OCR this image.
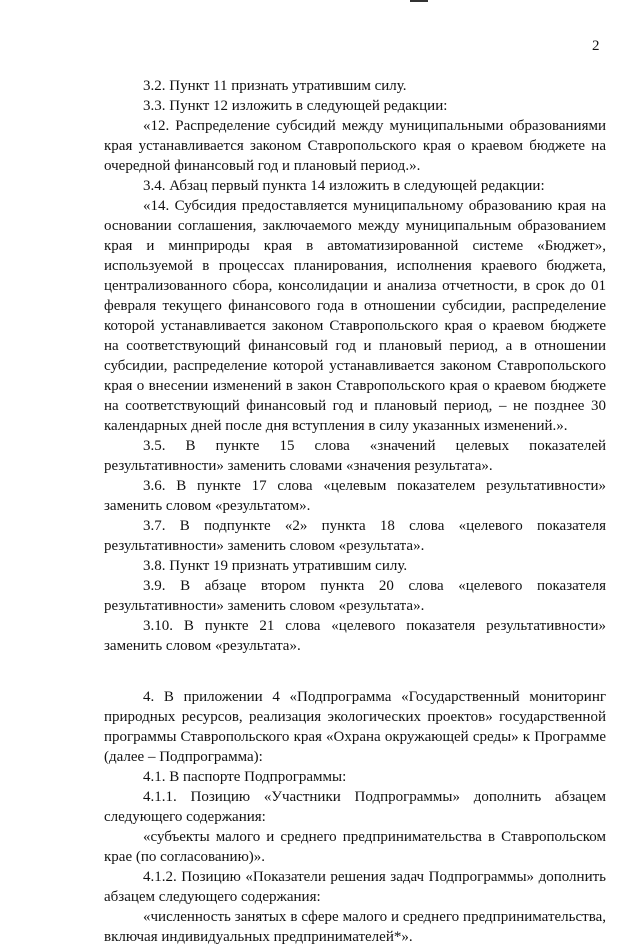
2

3.2. Пункт 11 признать утратившим силу.

3.3. Пункт 12 изложить в следующей редакции:

«12. Распределение субсидий между муниципальными образованиями края устанавливается законом Ставропольского края о краевом бюджете на очередной финансовый год и плановый период.».

3.4. Абзац первый пункта 14 изложить в следующей редакции:

«14. Субсидия предоставляется муниципальному образованию края на основании соглашения, заключаемого между муниципальным образованием края и минприроды края в автоматизированной системе «Бюджет», используемой в процессах планирования, исполнения краевого бюджета, централизованного сбора, консолидации и анализа отчетности, в срок до 01 февраля текущего финансового года в отношении субсидии, распределение которой устанавливается законом Ставропольского края о краевом бюджете на соответствующий финансовый год и плановый период, а в отношении субсидии, распределение которой устанавливается законом Ставропольского края о внесении изменений в закон Ставропольского края о краевом бюджете на соответствующий финансовый год и плановый период, – не позднее 30 календарных дней после дня вступления в силу указанных изменений.».

3.5. В пункте 15 слова «значений целевых показателей результативности» заменить словами «значения результата».

3.6. В пункте 17 слова «целевым показателем результативности» заменить словом «результатом».

3.7. В подпункте «2» пункта 18 слова «целевого показателя результативности» заменить словом «результата».

3.8. Пункт 19 признать утратившим силу.

3.9. В абзаце втором пункта 20 слова «целевого показателя результативности» заменить словом «результата».

3.10. В пункте 21 слова «целевого показателя результативности» заменить словом «результата».

4. В приложении 4 «Подпрограмма «Государственный мониторинг природных ресурсов, реализация экологических проектов» государственной программы Ставропольского края «Охрана окружающей среды» к Программе (далее – Подпрограмма):

4.1. В паспорте Подпрограммы:

4.1.1. Позицию «Участники Подпрограммы» дополнить абзацем следующего содержания:

«субъекты малого и среднего предпринимательства в Ставропольском крае (по согласованию)».

4.1.2. Позицию «Показатели решения задач Подпрограммы» дополнить абзацем следующего содержания:

«численность занятых в сфере малого и среднего предпринимательства, включая индивидуальных предпринимателей*».
